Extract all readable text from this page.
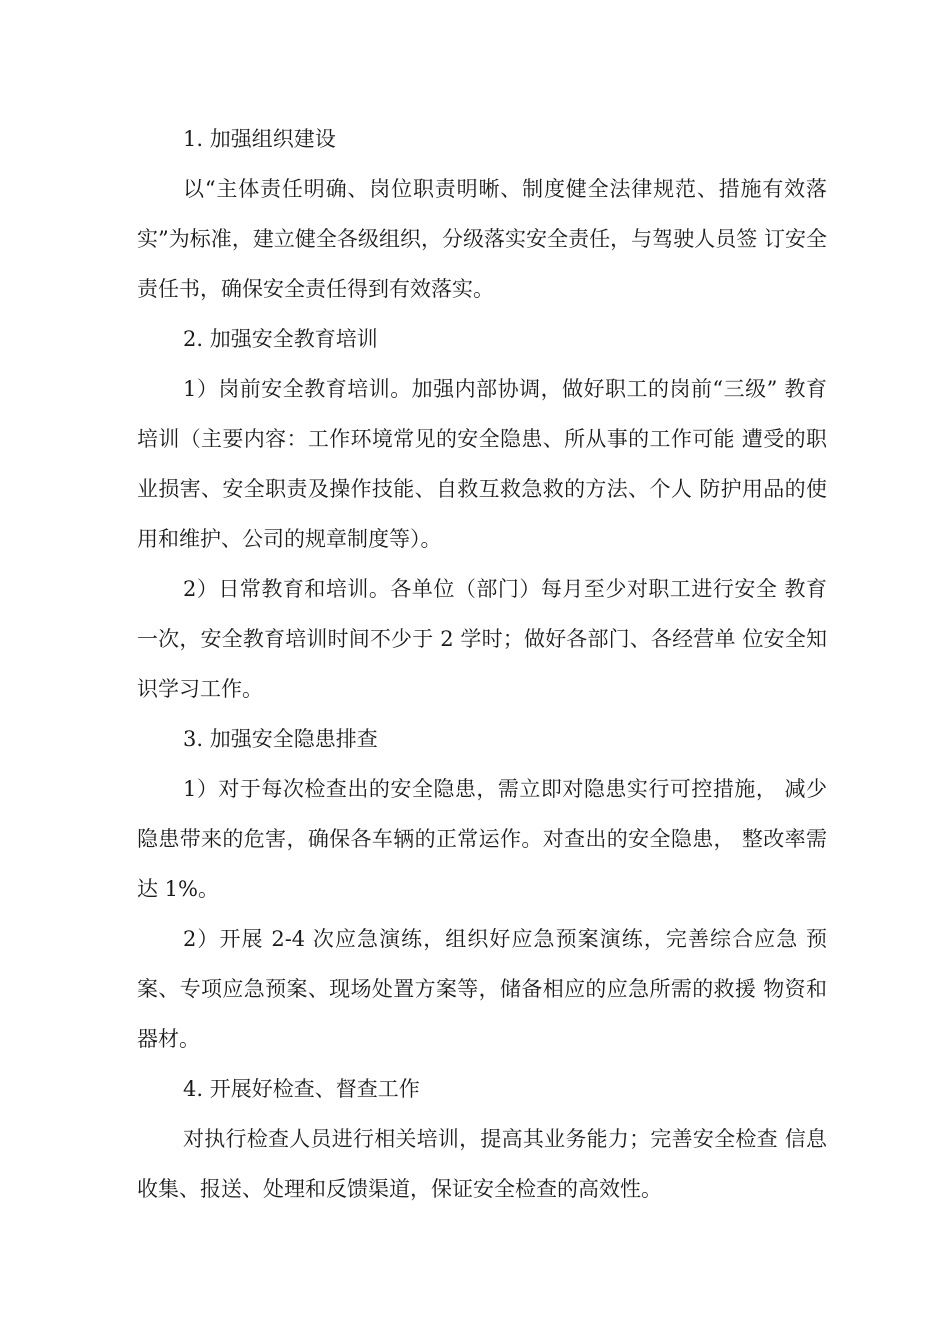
1. 加强组织建设

以“主体责任明确、岗位职责明晰、制度健全法律规范、措施有效落实”为标准，建立健全各级组织，分级落实安全责任，与驾驶人员签 订安全责任书，确保安全责任得到有效落实。

2. 加强安全教育培训

1）岗前安全教育培训。加强内部协调，做好职工的岗前“三级” 教育培训（主要内容：工作环境常见的安全隐患、所从事的工作可能 遭受的职业损害、安全职责及操作技能、自救互救急救的方法、个人 防护用品的使用和维护、公司的规章制度等）。

2）日常教育和培训。各单位（部门）每月至少对职工进行安全 教育一次，安全教育培训时间不少于 2 学时；做好各部门、各经营单 位安全知识学习工作。

3. 加强安全隐患排查

1）对于每次检查出的安全隐患，需立即对隐患实行可控措施， 减少隐患带来的危害，确保各车辆的正常运作。对查出的安全隐患， 整改率需达 1%。

2）开展 2-4 次应急演练，组织好应急预案演练，完善综合应急 预案、专项应急预案、现场处置方案等，储备相应的应急所需的救援 物资和器材。

4. 开展好检查、督查工作

对执行检查人员进行相关培训，提高其业务能力；完善安全检查 信息收集、报送、处理和反馈渠道，保证安全检查的高效性。
